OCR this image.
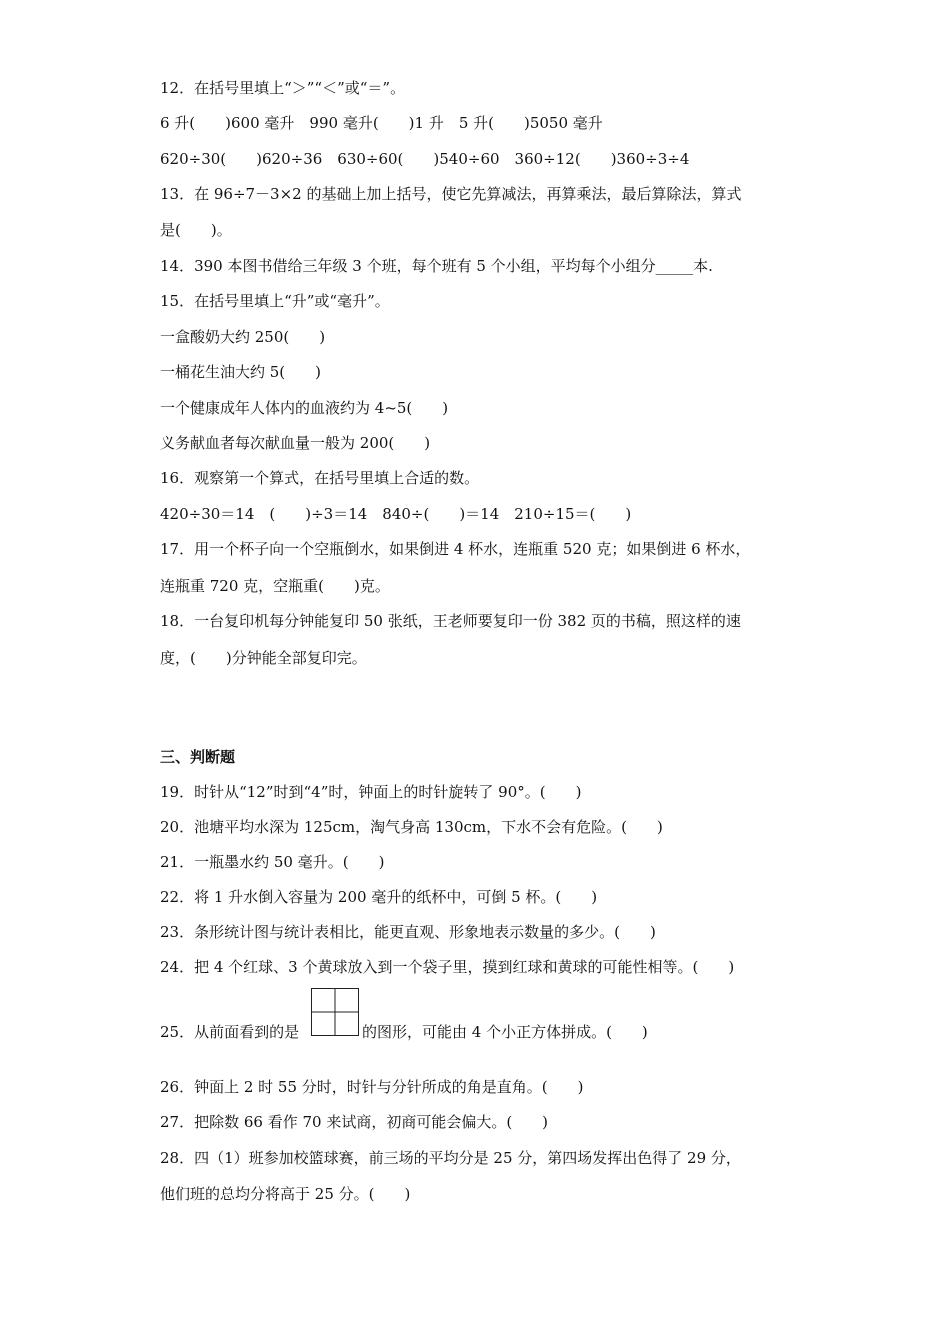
12．在括号里填上“＞”“＜”或“＝”。
6 升(　　)600 毫升　990 毫升(　　)1 升　5 升(　　)5050 毫升
620÷30(　　)620÷36　630÷60(　　)540÷60　360÷12(　　)360÷3÷4
13．在 96÷7－3×2 的基础上加上括号，使它先算减法，再算乘法，最后算除法，算式
是(　　)。
14．390 本图书借给三年级 3 个班，每个班有 5 个小组，平均每个小组分_____本.
15．在括号里填上“升”或“毫升”。
一盒酸奶大约 250(　　)
一桶花生油大约 5(　　)
一个健康成年人体内的血液约为 4~5(　　)
义务献血者每次献血量一般为 200(　　)
16．观察第一个算式，在括号里填上合适的数。
420÷30＝14　(　　)÷3＝14　840÷(　　)＝14　210÷15＝(　　)
17．用一个杯子向一个空瓶倒水，如果倒进 4 杯水，连瓶重 520 克；如果倒进 6 杯水，
连瓶重 720 克，空瓶重(　　)克。
18．一台复印机每分钟能复印 50 张纸，王老师要复印一份 382 页的书稿，照这样的速
度，(　　)分钟能全部复印完。
三、判断题
19．时针从“12”时到“4”时，钟面上的时针旋转了 90°。(　　)
20．池塘平均水深为 125cm，淘气身高 130cm，下水不会有危险。(　　)
21．一瓶墨水约 50 毫升。(　　)
22．将 1 升水倒入容量为 200 毫升的纸杯中，可倒 5 杯。(　　)
23．条形统计图与统计表相比，能更直观、形象地表示数量的多少。(　　)
24．把 4 个红球、3 个黄球放入到一个袋子里，摸到红球和黄球的可能性相等。(　　)
25．从前面看到的是	的图形，可能由 4 个小正方体拼成。(　　)
26．钟面上 2 时 55 分时，时针与分针所成的角是直角。(　　)
27．把除数 66 看作 70 来试商，初商可能会偏大。(　　)
28．四（1）班参加校篮球赛，前三场的平均分是 25 分，第四场发挥出色得了 29 分，
他们班的总均分将高于 25 分。(　　)
